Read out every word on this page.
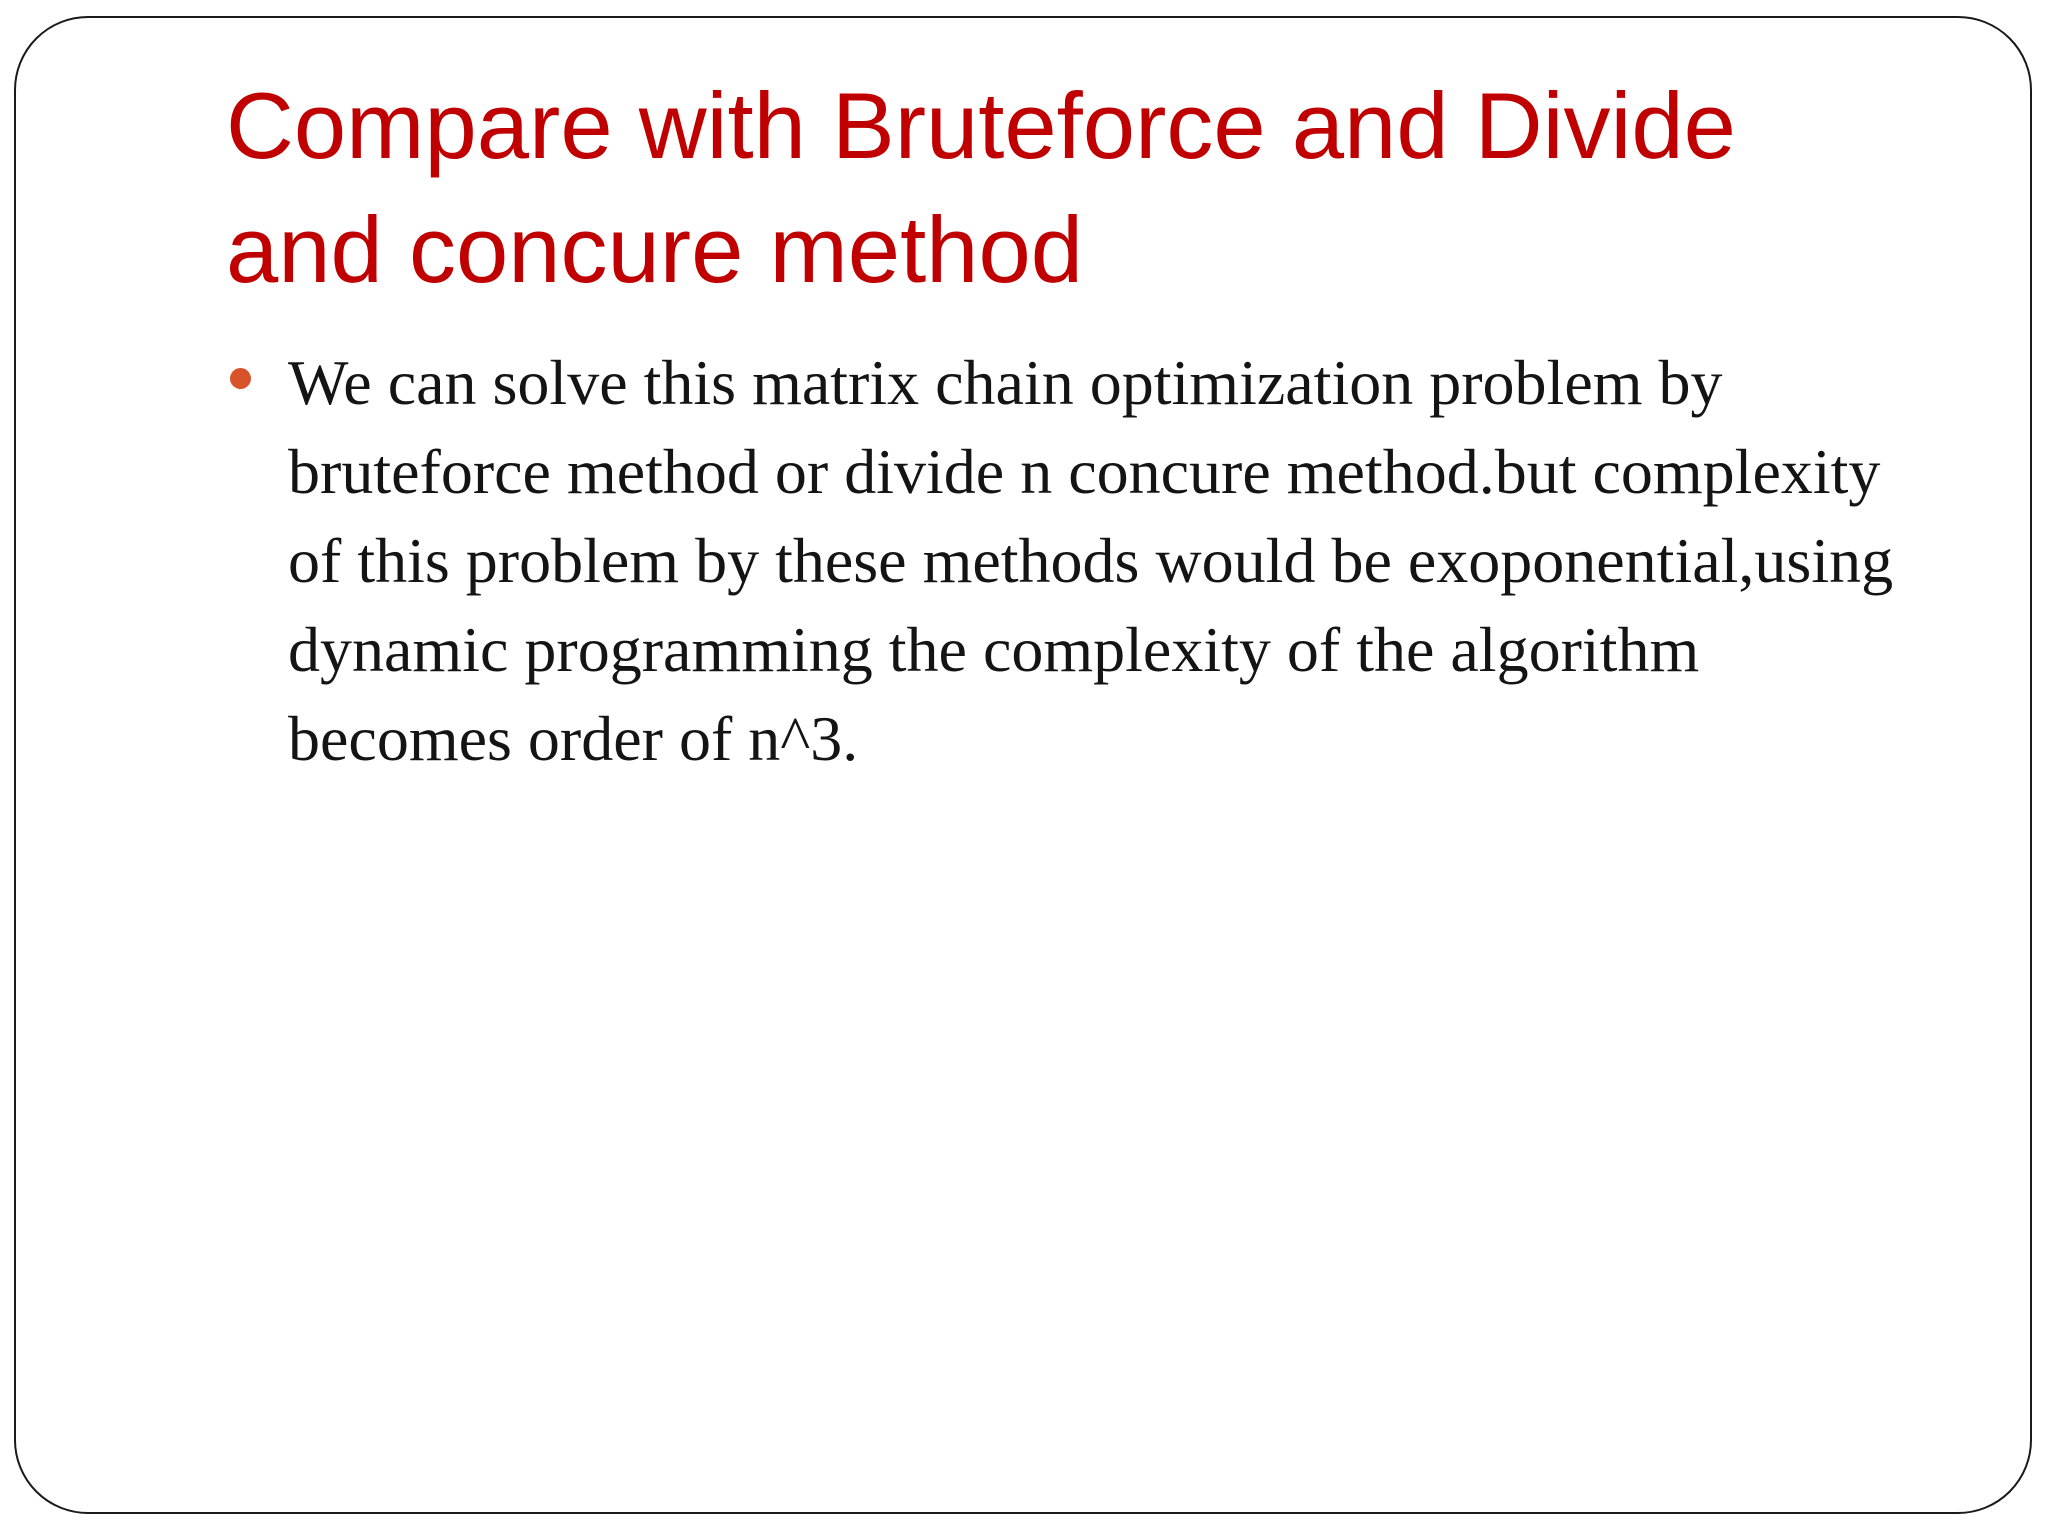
Compare with Bruteforce and Divide and concure method
We can solve this matrix chain optimization problem by bruteforce method or divide n concure method.but complexity of this problem by these methods would be exoponential,using dynamic programming the complexity of the algorithm becomes order of n^3.
